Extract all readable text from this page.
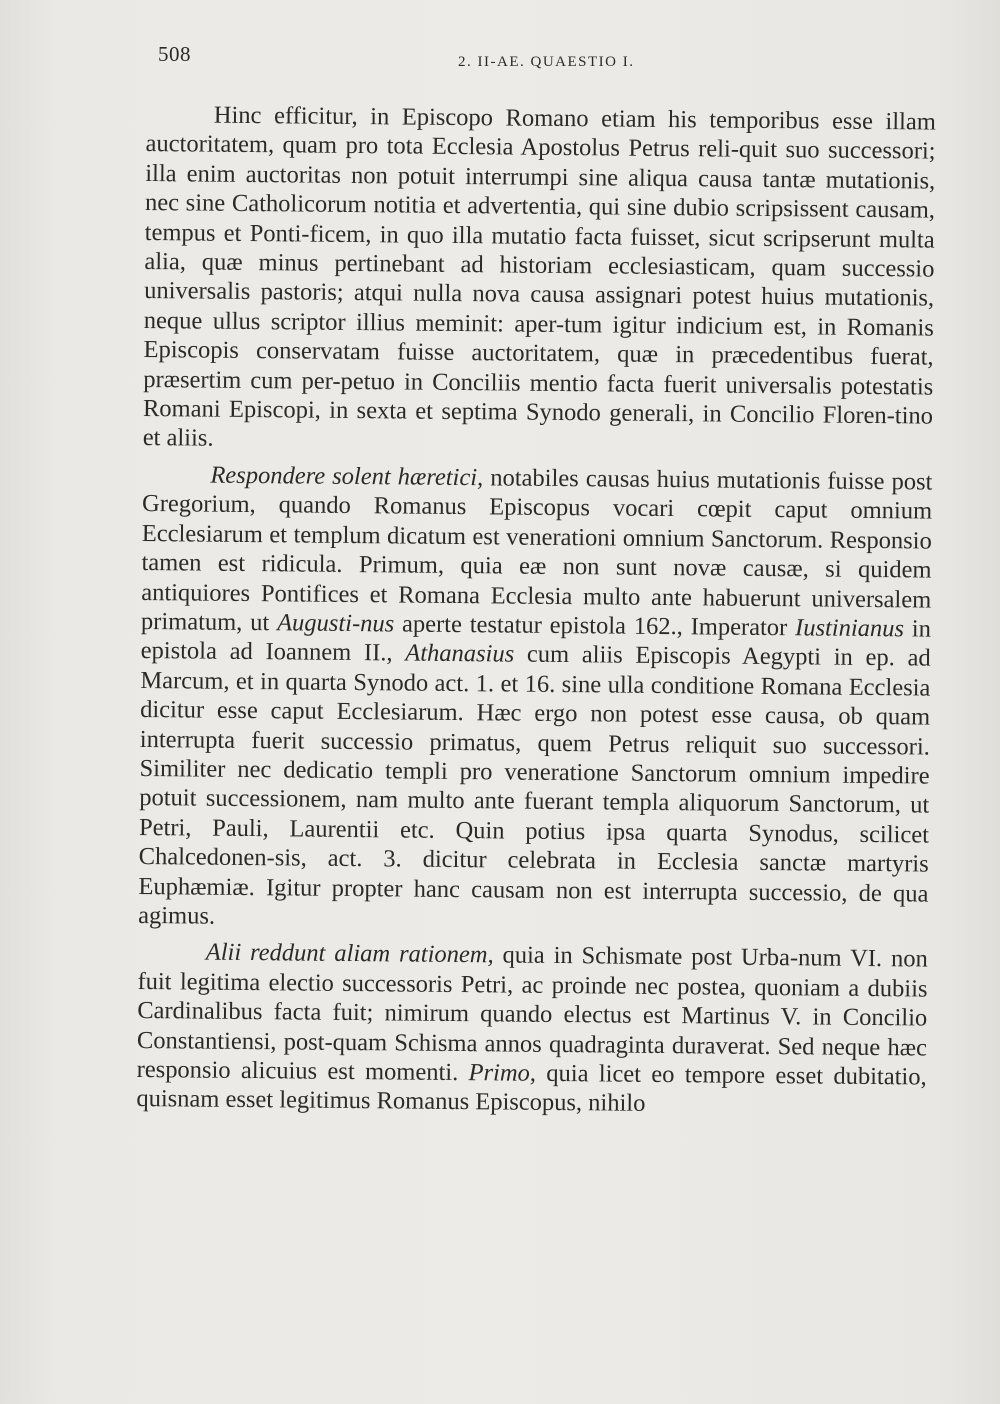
508	2. II-AE. QUAESTIO I.

Hinc efficitur, in Episcopo Romano etiam his temporibus esse illam auctoritatem, quam pro tota Ecclesia Apostolus Petrus reli-quit suo successori; illa enim auctoritas non potuit interrumpi sine aliqua causa tantæ mutationis, nec sine Catholicorum notitia et advertentia, qui sine dubio scripsissent causam, tempus et Ponti-ficem, in quo illa mutatio facta fuisset, sicut scripserunt multa alia, quæ minus pertinebant ad historiam ecclesiasticam, quam successio universalis pastoris; atqui nulla nova causa assignari potest huius mutationis, neque ullus scriptor illius meminit: aper-tum igitur indicium est, in Romanis Episcopis conservatam fuisse auctoritatem, quæ in præcedentibus fuerat, præsertim cum per-petuo in Conciliis mentio facta fuerit universalis potestatis Romani Episcopi, in sexta et septima Synodo generali, in Concilio Floren-tino et aliis.

Respondere solent hæretici, notabiles causas huius mutationis fuisse post Gregorium, quando Romanus Episcopus vocari cœpit caput omnium Ecclesiarum et templum dicatum est venerationi omnium Sanctorum. Responsio tamen est ridicula. Primum, quia eæ non sunt novæ causæ, si quidem antiquiores Pontifices et Romana Ecclesia multo ante habuerunt universalem primatum, ut Augusti-nus aperte testatur epistola 162., Imperator Iustinianus in epistola ad Ioannem II., Athanasius cum aliis Episcopis Aegypti in ep. ad Marcum, et in quarta Synodo act. 1. et 16. sine ulla conditione Romana Ecclesia dicitur esse caput Ecclesiarum. Hæc ergo non potest esse causa, ob quam interrupta fuerit successio primatus, quem Petrus reliquit suo successori. Similiter nec dedicatio templi pro veneratione Sanctorum omnium impedire potuit successionem, nam multo ante fuerant templa aliquorum Sanctorum, ut Petri, Pauli, Laurentii etc. Quin potius ipsa quarta Synodus, scilicet Chalcedonen-sis, act. 3. dicitur celebrata in Ecclesia sanctæ martyris Euphæmiæ. Igitur propter hanc causam non est interrupta successio, de qua agimus.

Alii reddunt aliam rationem, quia in Schismate post Urba-num VI. non fuit legitima electio successoris Petri, ac proinde nec postea, quoniam a dubiis Cardinalibus facta fuit; nimirum quando electus est Martinus V. in Concilio Constantiensi, post-quam Schisma annos quadraginta duraverat. Sed neque hæc responsio alicuius est momenti. Primo, quia licet eo tempore esset dubitatio, quisnam esset legitimus Romanus Episcopus, nihilo
